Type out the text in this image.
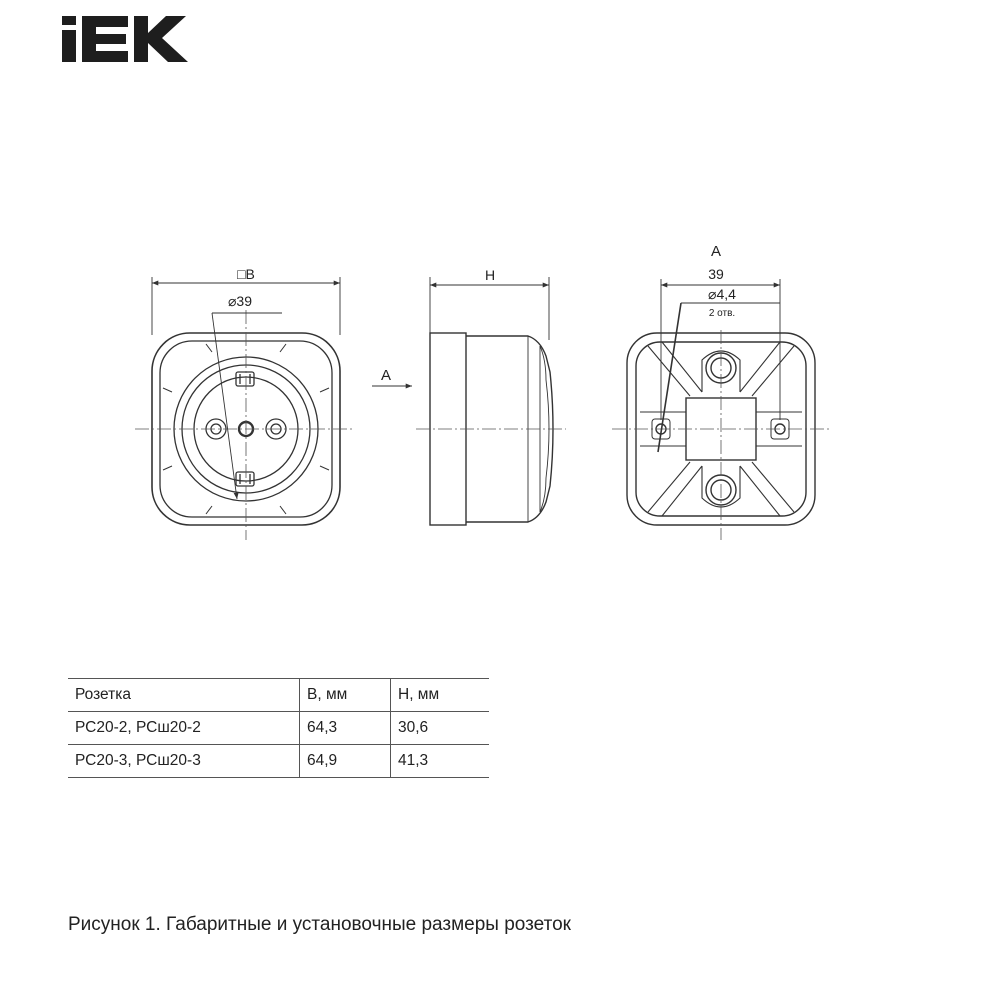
□B
⌀39
H
A
A
39
⌀4,4
2 отв.
Розетка	В, мм	Н, мм
РС20-2, РСш20-2	64,3	30,6
РС20-3, РСш20-3	64,9	41,3
Рисунок 1. Габаритные и установочные размеры розеток
